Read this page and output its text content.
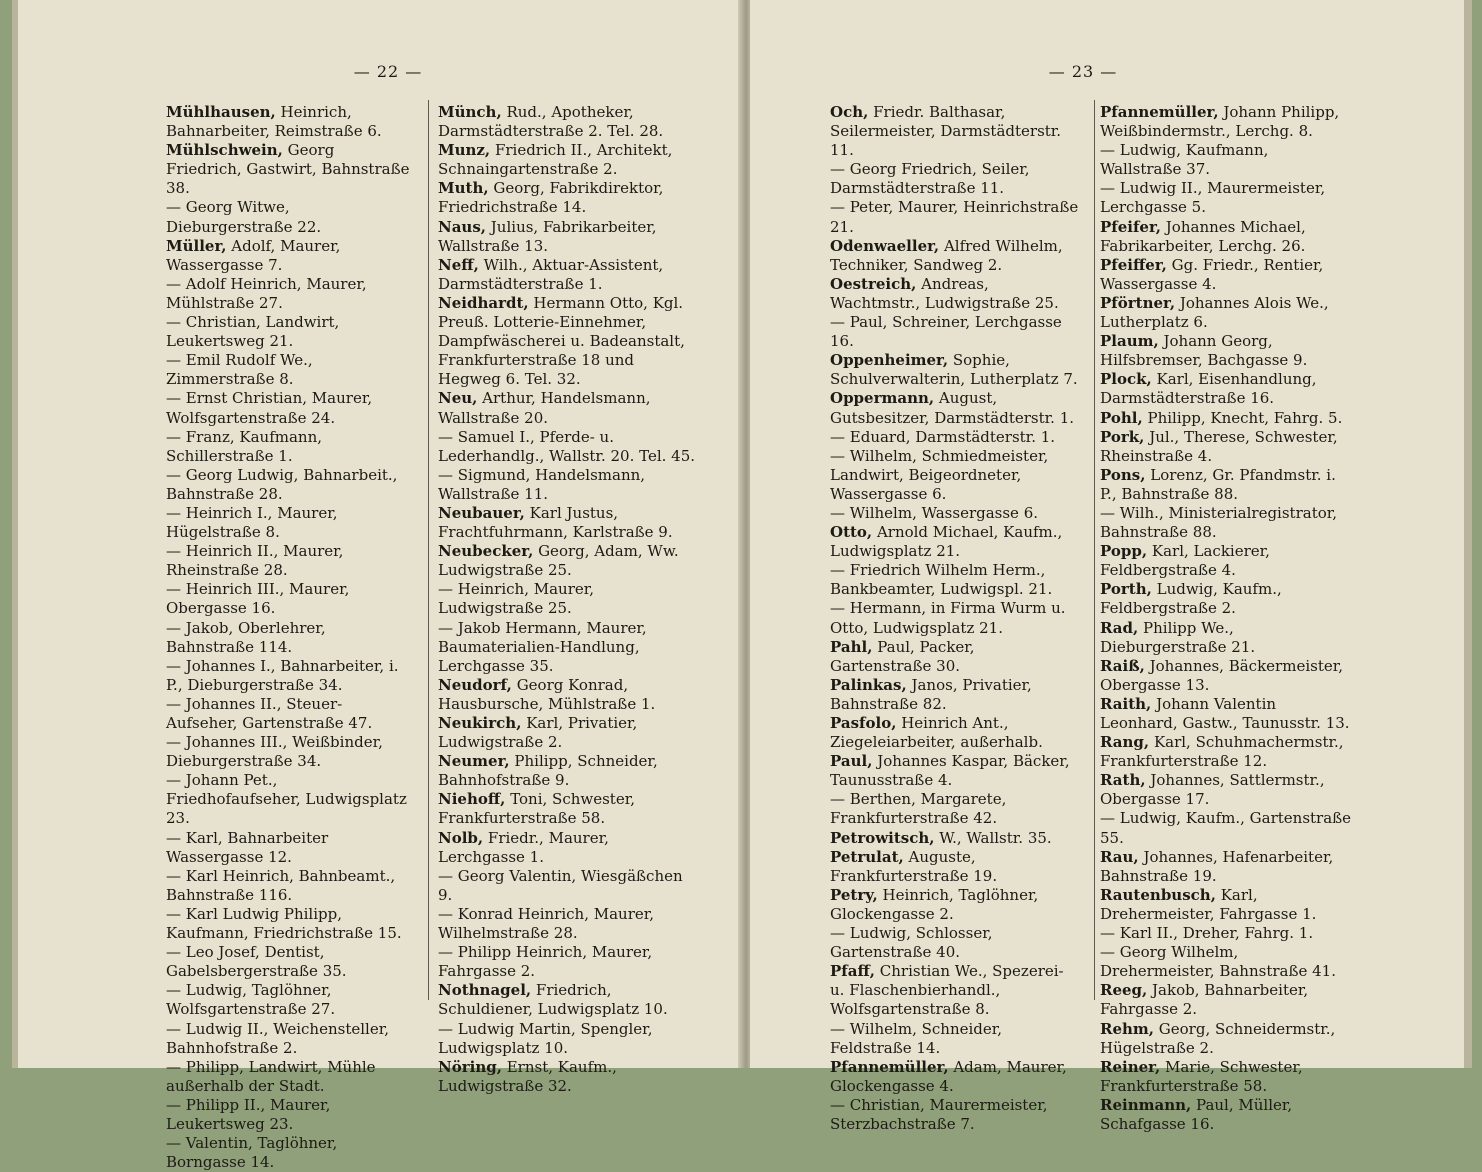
— 22 —

Mühlhausen, Heinrich, Bahnarbeiter, Reimstraße 6.

Mühlschwein, Georg Friedrich, Gastwirt, Bahnstraße 38.

— Georg Witwe, Dieburgerstraße 22.

Müller, Adolf, Maurer, Wassergasse 7.

— Adolf Heinrich, Maurer, Mühlstraße 27.

— Christian, Landwirt, Leukertsweg 21.

— Emil Rudolf We., Zimmerstraße 8.

— Ernst Christian, Maurer, Wolfsgartenstraße 24.

— Franz, Kaufmann, Schillerstraße 1.

— Georg Ludwig, Bahnarbeit., Bahnstraße 28.

— Heinrich I., Maurer, Hügelstraße 8.

— Heinrich II., Maurer, Rheinstraße 28.

— Heinrich III., Maurer, Obergasse 16.

— Jakob, Oberlehrer, Bahnstraße 114.

— Johannes I., Bahnarbeiter, i. P., Dieburgerstraße 34.

— Johannes II., Steuer-Aufseher, Gartenstraße 47.

— Johannes III., Weißbinder, Dieburgerstraße 34.

— Johann Pet., Friedhofaufseher, Ludwigsplatz 23.

— Karl, Bahnarbeiter Wassergasse 12.

— Karl Heinrich, Bahnbeamt., Bahnstraße 116.

— Karl Ludwig Philipp, Kaufmann, Friedrichstraße 15.

— Leo Josef, Dentist, Gabelsbergerstraße 35.

— Ludwig, Taglöhner, Wolfsgartenstraße 27.

— Ludwig II., Weichensteller, Bahnhofstraße 2.

— Philipp, Landwirt, Mühle außerhalb der Stadt.

— Philipp II., Maurer, Leukertsweg 23.

— Valentin, Taglöhner, Borngasse 14.

Münch, Rud., Apotheker, Darmstädterstraße 2. Tel. 28.

Munz, Friedrich II., Architekt, Schnaingartenstraße 2.

Muth, Georg, Fabrikdirektor, Friedrichstraße 14.

Naus, Julius, Fabrikarbeiter, Wallstraße 13.

Neff, Wilh., Aktuar-Assistent, Darmstädterstraße 1.

Neidhardt, Hermann Otto, Kgl. Preuß. Lotterie-Einnehmer, Dampfwäscherei u. Badeanstalt, Frankfurterstraße 18 und Hegweg 6. Tel. 32.

Neu, Arthur, Handelsmann, Wallstraße 20.

— Samuel I., Pferde- u. Lederhandlg., Wallstr. 20. Tel. 45.

— Sigmund, Handelsmann, Wallstraße 11.

Neubauer, Karl Justus, Frachtfuhrmann, Karlstraße 9.

Neubecker, Georg, Adam, Ww. Ludwigstraße 25.

— Heinrich, Maurer, Ludwigstraße 25.

— Jakob Hermann, Maurer, Baumaterialien-Handlung, Lerchgasse 35.

Neudorf, Georg Konrad, Hausbursche, Mühlstraße 1.

Neukirch, Karl, Privatier, Ludwigstraße 2.

Neumer, Philipp, Schneider, Bahnhofstraße 9.

Niehoff, Toni, Schwester, Frankfurterstraße 58.

Nolb, Friedr., Maurer, Lerchgasse 1.

— Georg Valentin, Wiesgäßchen 9.

— Konrad Heinrich, Maurer, Wilhelmstraße 28.

— Philipp Heinrich, Maurer, Fahrgasse 2.

Nothnagel, Friedrich, Schuldiener, Ludwigsplatz 10.

— Ludwig Martin, Spengler, Ludwigsplatz 10.

Nöring, Ernst, Kaufm., Ludwigstraße 32.

— 23 —

Och, Friedr. Balthasar, Seilermeister, Darmstädterstr. 11.

— Georg Friedrich, Seiler, Darmstädterstraße 11.

— Peter, Maurer, Heinrichstraße 21.

Odenwaeller, Alfred Wilhelm, Techniker, Sandweg 2.

Oestreich, Andreas, Wachtmstr., Ludwigstraße 25.

— Paul, Schreiner, Lerchgasse 16.

Oppenheimer, Sophie, Schulverwalterin, Lutherplatz 7.

Oppermann, August, Gutsbesitzer, Darmstädterstr. 1.

— Eduard, Darmstädterstr. 1.

— Wilhelm, Schmiedmeister, Landwirt, Beigeordneter, Wassergasse 6.

— Wilhelm, Wassergasse 6.

Otto, Arnold Michael, Kaufm., Ludwigsplatz 21.

— Friedrich Wilhelm Herm., Bankbeamter, Ludwigspl. 21.

— Hermann, in Firma Wurm u. Otto, Ludwigsplatz 21.

Pahl, Paul, Packer, Gartenstraße 30.

Palinkas, Janos, Privatier, Bahnstraße 82.

Pasfolo, Heinrich Ant., Ziegeleiarbeiter, außerhalb.

Paul, Johannes Kaspar, Bäcker, Taunusstraße 4.

— Berthen, Margarete, Frankfurterstraße 42.

Petrowitsch, W., Wallstr. 35.

Petrulat, Auguste, Frankfurterstraße 19.

Petry, Heinrich, Taglöhner, Glockengasse 2.

— Ludwig, Schlosser, Gartenstraße 40.

Pfaff, Christian We., Spezerei- u. Flaschenbierhandl., Wolfsgartenstraße 8.

— Wilhelm, Schneider, Feldstraße 14.

Pfannemüller, Adam, Maurer, Glockengasse 4.

— Christian, Maurermeister, Sterzbachstraße 7.

Pfannemüller, Johann Philipp, Weißbindermstr., Lerchg. 8.

— Ludwig, Kaufmann, Wallstraße 37.

— Ludwig II., Maurermeister, Lerchgasse 5.

Pfeifer, Johannes Michael, Fabrikarbeiter, Lerchg. 26.

Pfeiffer, Gg. Friedr., Rentier, Wassergasse 4.

Pförtner, Johannes Alois We., Lutherplatz 6.

Plaum, Johann Georg, Hilfsbremser, Bachgasse 9.

Plock, Karl, Eisenhandlung, Darmstädterstraße 16.

Pohl, Philipp, Knecht, Fahrg. 5.

Pork, Jul., Therese, Schwester, Rheinstraße 4.

Pons, Lorenz, Gr. Pfandmstr. i. P., Bahnstraße 88.

— Wilh., Ministerialregistrator, Bahnstraße 88.

Popp, Karl, Lackierer, Feldbergstraße 4.

Porth, Ludwig, Kaufm., Feldbergstraße 2.

Rad, Philipp We., Dieburgerstraße 21.

Raiß, Johannes, Bäckermeister, Obergasse 13.

Raith, Johann Valentin Leonhard, Gastw., Taunusstr. 13.

Rang, Karl, Schuhmachermstr., Frankfurterstraße 12.

Rath, Johannes, Sattlermstr., Obergasse 17.

— Ludwig, Kaufm., Gartenstraße 55.

Rau, Johannes, Hafenarbeiter, Bahnstraße 19.

Rautenbusch, Karl, Drehermeister, Fahrgasse 1.

— Karl II., Dreher, Fahrg. 1.

— Georg Wilhelm, Drehermeister, Bahnstraße 41.

Reeg, Jakob, Bahnarbeiter, Fahrgasse 2.

Rehm, Georg, Schneidermstr., Hügelstraße 2.

Reiner, Marie, Schwester, Frankfurterstraße 58.

Reinmann, Paul, Müller, Schafgasse 16.
